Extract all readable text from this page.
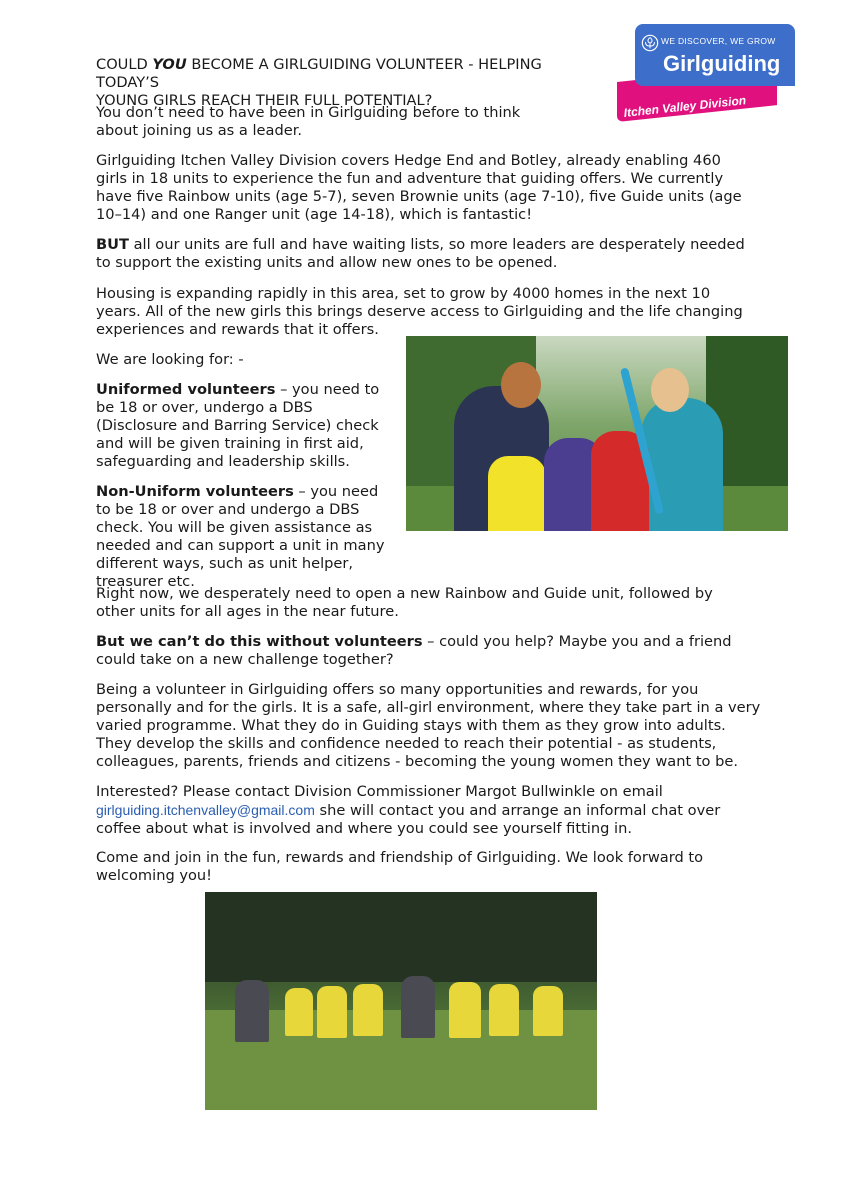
WE DISCOVER, WE GROW
Girlguiding
Itchen Valley Division

COULD YOU BECOME A GIRLGUIDING VOLUNTEER - HELPING TODAY’S

YOUNG GIRLS REACH THEIR FULL POTENTIAL?

You don’t need to have been in Girlguiding before to think about joining us as a leader.

Girlguiding Itchen Valley Division covers Hedge End and Botley, already enabling 460 girls in 18 units to experience the fun and adventure that guiding offers. We currently have five Rainbow units (age 5-7), seven Brownie units (age 7-10), five Guide units (age 10–14) and one Ranger unit (age 14-18), which is fantastic!

BUT all our units are full and have waiting lists, so more leaders are desperately needed to support the existing units and allow new ones to be opened.

Housing is expanding rapidly in this area, set to grow by 4000 homes in the next 10 years. All of the new girls this brings deserve access to Girlguiding and the life changing experiences and rewards that it offers.

We are looking for: -

Uniformed volunteers – you need to be 18 or over, undergo a DBS (Disclosure and Barring Service) check and will be given training in first aid, safeguarding and leadership skills.

Non-Uniform volunteers – you need to be 18 or over and undergo a DBS check. You will be given assistance as needed and can support a unit in many different ways, such as unit helper, treasurer etc.

Right now, we desperately need to open a new Rainbow and Guide unit, followed by other units for all ages in the near future.

But we can’t do this without volunteers – could you help? Maybe you and a friend could take on a new challenge together?

Being a volunteer in Girlguiding offers so many opportunities and rewards, for you personally and for the girls. It is a safe, all-girl environment, where they take part in a very varied programme. What they do in Guiding stays with them as they grow into adults. They develop the skills and confidence needed to reach their potential - as students, colleagues, parents, friends and citizens - becoming the young women they want to be.

Interested? Please contact Division Commissioner Margot Bullwinkle on email
girlguiding.itchenvalley@gmail.com she will contact you and arrange an informal chat over coffee about what is involved and where you could see yourself fitting in.

Come and join in the fun, rewards and friendship of Girlguiding. We look forward to welcoming you!
